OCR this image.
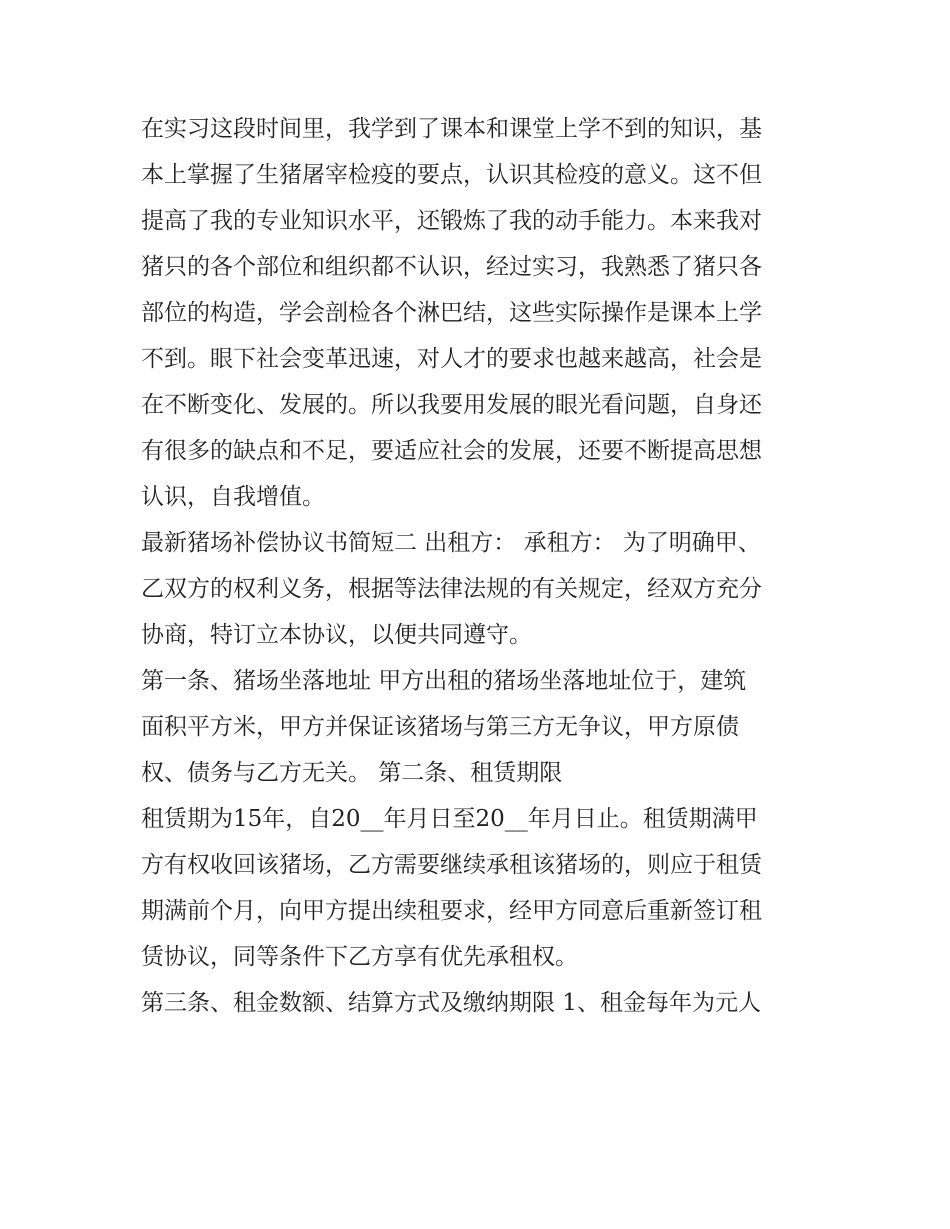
在实习这段时间里，我学到了课本和课堂上学不到的知识，基
本上掌握了生猪屠宰检疫的要点，认识其检疫的意义。这不但
提高了我的专业知识水平，还锻炼了我的动手能力。本来我对
猪只的各个部位和组织都不认识，经过实习，我熟悉了猪只各
部位的构造，学会剖检各个淋巴结，这些实际操作是课本上学
不到。眼下社会变革迅速，对人才的要求也越来越高，社会是
在不断变化、发展的。所以我要用发展的眼光看问题，自身还
有很多的缺点和不足，要适应社会的发展，还要不断提高思想
认识，自我增值。
最新猪场补偿协议书简短二 出租方： 承租方： 为了明确甲、
乙双方的权利义务，根据等法律法规的有关规定，经双方充分
协商，特订立本协议，以便共同遵守。
第一条、猪场坐落地址 甲方出租的猪场坐落地址位于，建筑
面积平方米，甲方并保证该猪场与第三方无争议，甲方原债
权、债务与乙方无关。 第二条、租赁期限
租赁期为15年，自20__年月日至20__年月日止。租赁期满甲
方有权收回该猪场，乙方需要继续承租该猪场的，则应于租赁
期满前个月，向甲方提出续租要求，经甲方同意后重新签订租
赁协议，同等条件下乙方享有优先承租权。
第三条、租金数额、结算方式及缴纳期限 1、租金每年为元人
